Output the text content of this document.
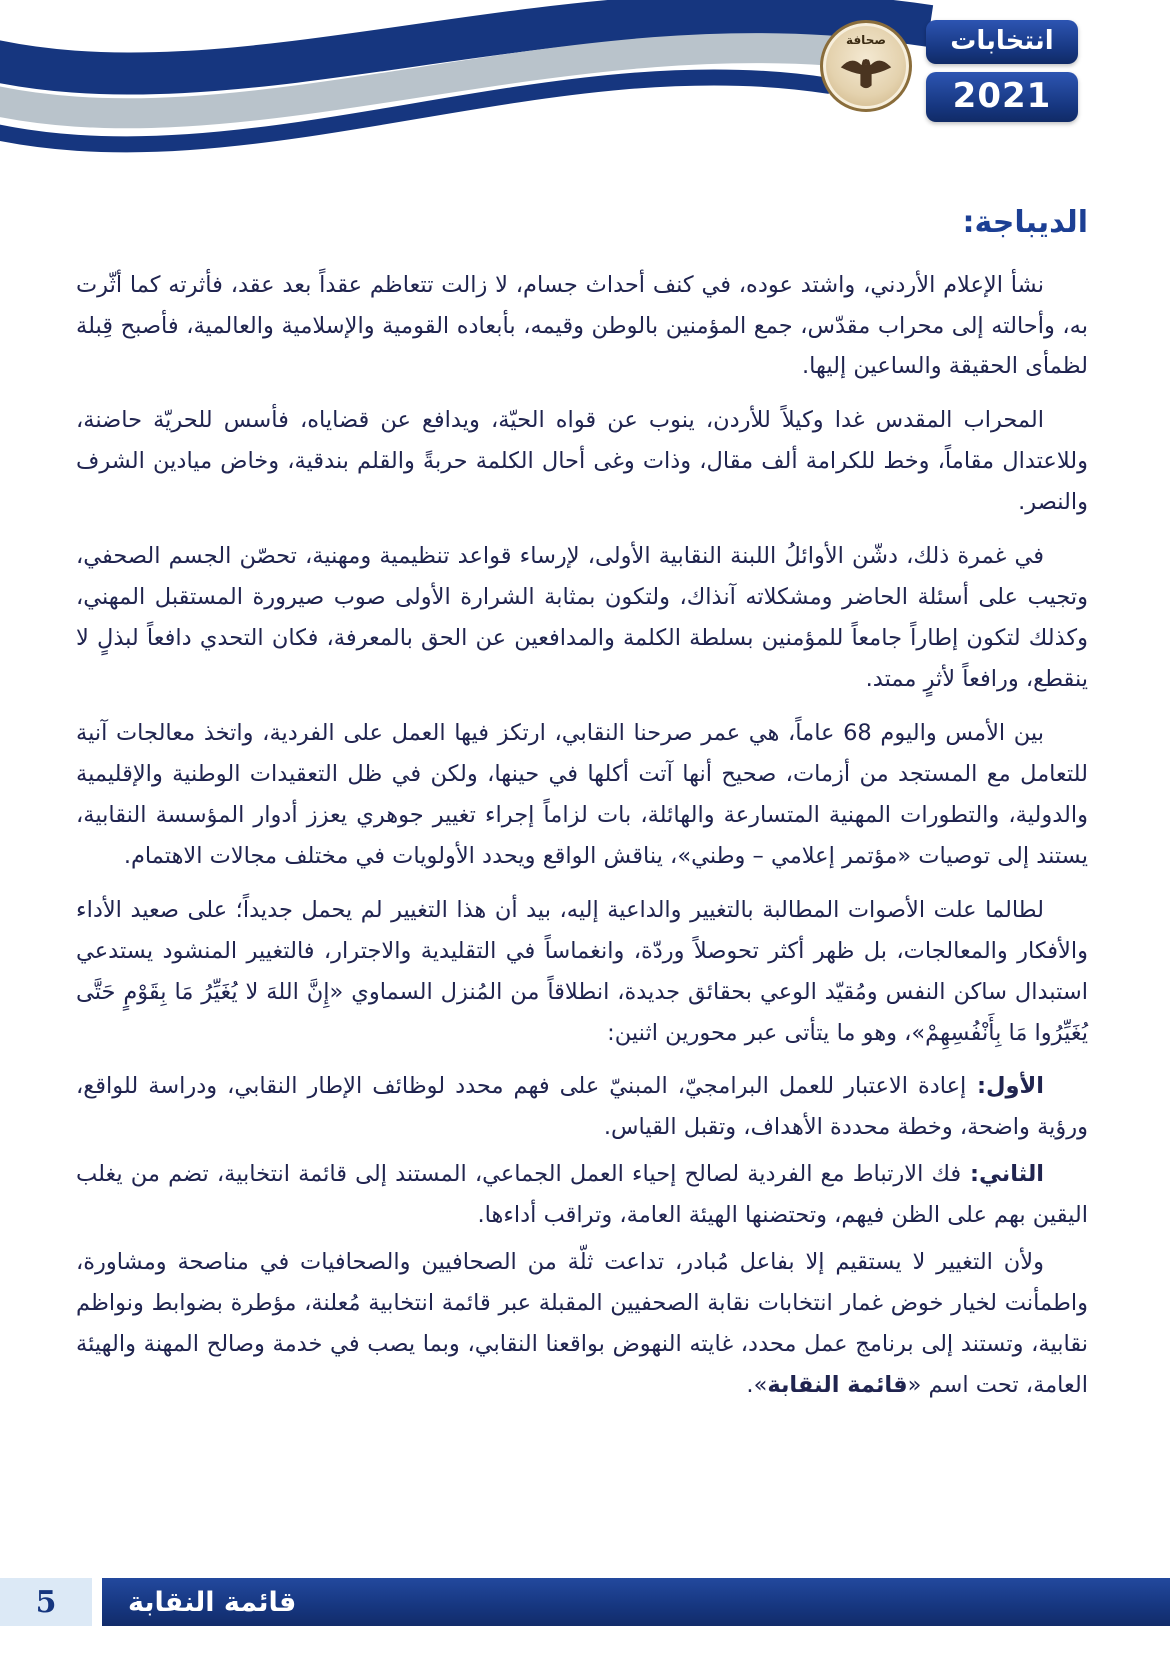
صحافة	انتخابات
2021
الديباجة:

نشأ الإعلام الأردني، واشتد عوده، في كنف أحداث جسام، لا زالت تتعاظم عقداً بعد عقد، فأثرته كما أثّرت به، وأحالته إلى محراب مقدّس، جمع المؤمنين بالوطن وقيمه، بأبعاده القومية والإسلامية والعالمية، فأصبح قِبلة لظمأى الحقيقة والساعين إليها.

المحراب المقدس غدا وكيلاً للأردن، ينوب عن قواه الحيّة، ويدافع عن قضاياه، فأسس للحريّة حاضنة، وللاعتدال مقاماً، وخط للكرامة ألف مقال، وذات وغى أحال الكلمة حربةً والقلم بندقية، وخاض ميادين الشرف والنصر.

في غمرة ذلك، دشّن الأوائلُ اللبنة النقابية الأولى، لإرساء قواعد تنظيمية ومهنية، تحصّن الجسم الصحفي، وتجيب على أسئلة الحاضر ومشكلاته آنذاك، ولتكون بمثابة الشرارة الأولى صوب صيرورة المستقبل المهني، وكذلك لتكون إطاراً جامعاً للمؤمنين بسلطة الكلمة والمدافعين عن الحق بالمعرفة، فكان التحدي دافعاً لبذلٍ لا ينقطع، ورافعاً لأثرٍ ممتد.

بين الأمس واليوم 68 عاماً، هي عمر صرحنا النقابي، ارتكز فيها العمل على الفردية، واتخذ معالجات آنية للتعامل مع المستجد من أزمات، صحيح أنها آتت أكلها في حينها، ولكن في ظل التعقيدات الوطنية والإقليمية والدولية، والتطورات المهنية المتسارعة والهائلة، بات لزاماً إجراء تغيير جوهري يعزز أدوار المؤسسة النقابية، يستند إلى توصيات «مؤتمر إعلامي – وطني»، يناقش الواقع ويحدد الأولويات في مختلف مجالات الاهتمام.

لطالما علت الأصوات المطالبة بالتغيير والداعية إليه، بيد أن هذا التغيير لم يحمل جديداً؛ على صعيد الأداء والأفكار والمعالجات، بل ظهر أكثر تحوصلاً وردّة، وانغماساً في التقليدية والاجترار، فالتغيير المنشود يستدعي استبدال ساكن النفس ومُقيّد الوعي بحقائق جديدة، انطلاقاً من المُنزل السماوي «إِنَّ اللهَ لا يُغَيِّرُ مَا بِقَوْمٍ حَتَّى يُغَيِّرُوا مَا بِأَنْفُسِهِمْ»، وهو ما يتأتى عبر محورين اثنين:

الأول: إعادة الاعتبار للعمل البرامجيّ، المبنيّ على فهم محدد لوظائف الإطار النقابي، ودراسة للواقع، ورؤية واضحة، وخطة محددة الأهداف، وتقبل القياس.

الثاني: فك الارتباط مع الفردية لصالح إحياء العمل الجماعي، المستند إلى قائمة انتخابية، تضم من يغلب اليقين بهم على الظن فيهم، وتحتضنها الهيئة العامة، وتراقب أداءها.

ولأن التغيير لا يستقيم إلا بفاعل مُبادر، تداعت ثلّة من الصحافيين والصحافيات في مناصحة ومشاورة، واطمأنت لخيار خوض غمار انتخابات نقابة الصحفيين المقبلة عبر قائمة انتخابية مُعلنة، مؤطرة بضوابط ونواظم نقابية، وتستند إلى برنامج عمل محدد، غايته النهوض بواقعنا النقابي، وبما يصب في خدمة وصالح المهنة والهيئة العامة، تحت اسم «قائمة النقابة».

5	قائمة النقابة
